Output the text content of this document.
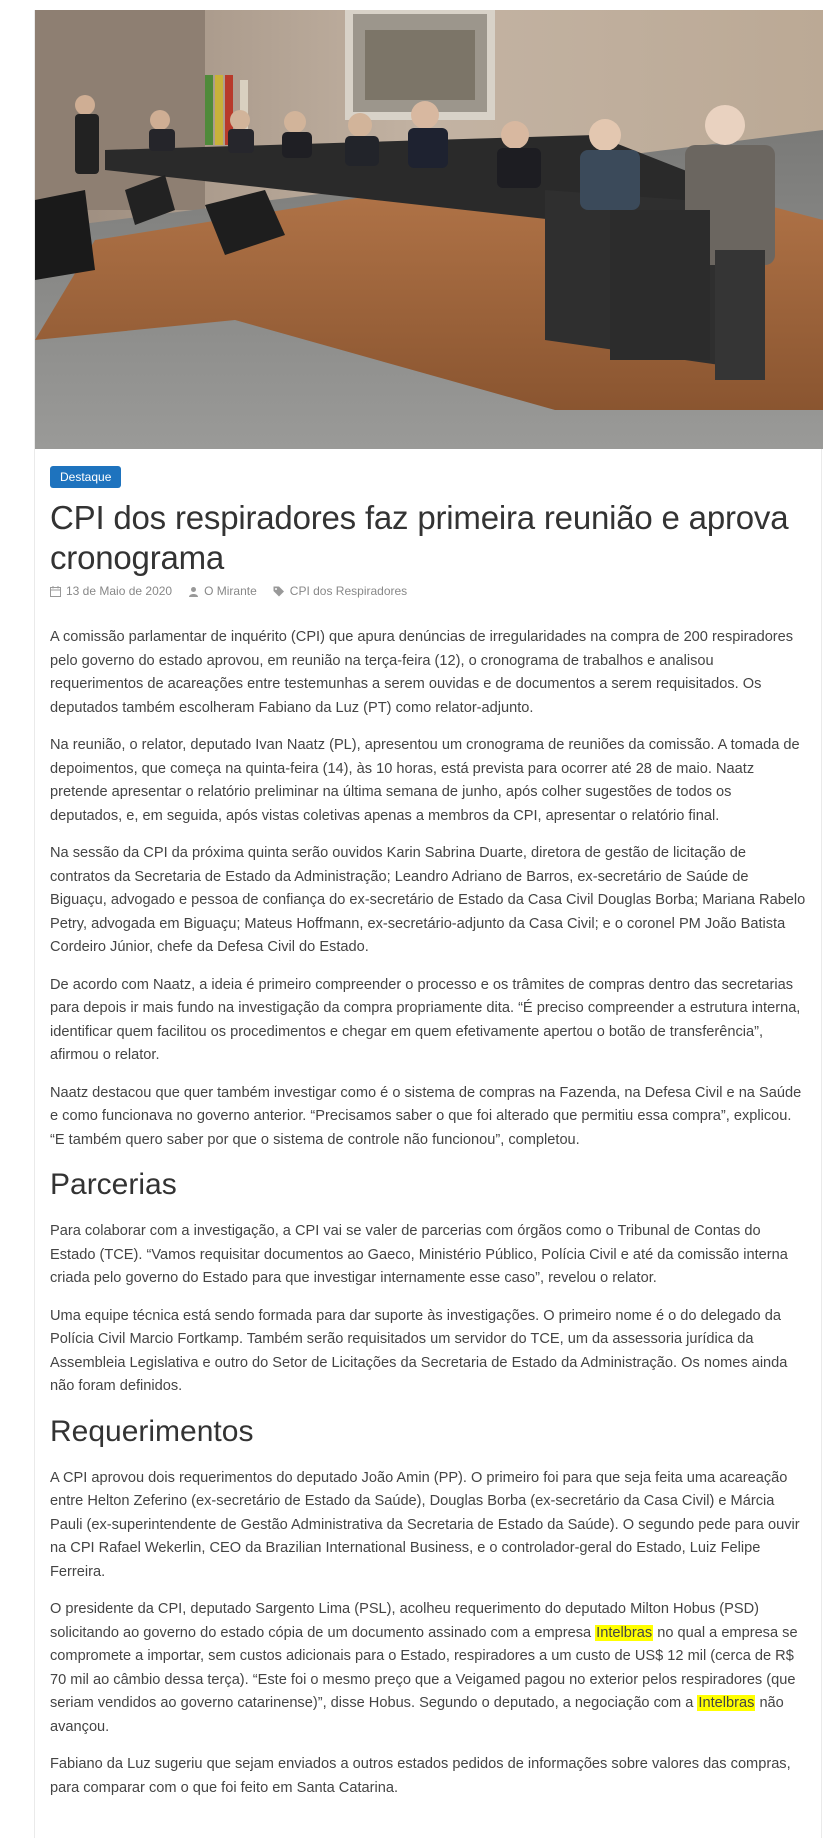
Destaque
CPI dos respiradores faz primeira reunião e aprova cronograma
13 de Maio de 2020	O Mirante	CPI dos Respiradores

A comissão parlamentar de inquérito (CPI) que apura denúncias de irregularidades na compra de 200 respiradores pelo governo do estado aprovou, em reunião na terça-feira (12), o cronograma de trabalhos e analisou requerimentos de acareações entre testemunhas a serem ouvidas e de documentos a serem requisitados. Os deputados também escolheram Fabiano da Luz (PT) como relator-adjunto.

Na reunião, o relator, deputado Ivan Naatz (PL), apresentou um cronograma de reuniões da comissão. A tomada de depoimentos, que começa na quinta-feira (14), às 10 horas, está prevista para ocorrer até 28 de maio. Naatz pretende apresentar o relatório preliminar na última semana de junho, após colher sugestões de todos os deputados, e, em seguida, após vistas coletivas apenas a membros da CPI, apresentar o relatório final.

Na sessão da CPI da próxima quinta serão ouvidos Karin Sabrina Duarte, diretora de gestão de licitação de contratos da Secretaria de Estado da Administração; Leandro Adriano de Barros, ex-secretário de Saúde de Biguaçu, advogado e pessoa de confiança do ex-secretário de Estado da Casa Civil Douglas Borba; Mariana Rabelo Petry, advogada em Biguaçu; Mateus Hoffmann, ex-secretário-adjunto da Casa Civil; e o coronel PM João Batista Cordeiro Júnior, chefe da Defesa Civil do Estado.

De acordo com Naatz, a ideia é primeiro compreender o processo e os trâmites de compras dentro das secretarias para depois ir mais fundo na investigação da compra propriamente dita. “É preciso compreender a estrutura interna, identificar quem facilitou os procedimentos e chegar em quem efetivamente apertou o botão de transferência”, afirmou o relator.

Naatz destacou que quer também investigar como é o sistema de compras na Fazenda, na Defesa Civil e na Saúde e como funcionava no governo anterior. “Precisamos saber o que foi alterado que permitiu essa compra”, explicou. “E também quero saber por que o sistema de controle não funcionou”, completou.

Parcerias

Para colaborar com a investigação, a CPI vai se valer de parcerias com órgãos como o Tribunal de Contas do Estado (TCE). “Vamos requisitar documentos ao Gaeco, Ministério Público, Polícia Civil e até da comissão interna criada pelo governo do Estado para que investigar internamente esse caso”, revelou o relator.

Uma equipe técnica está sendo formada para dar suporte às investigações. O primeiro nome é o do delegado da Polícia Civil Marcio Fortkamp. Também serão requisitados um servidor do TCE, um da assessoria jurídica da Assembleia Legislativa e outro do Setor de Licitações da Secretaria de Estado da Administração. Os nomes ainda não foram definidos.

Requerimentos

A CPI aprovou dois requerimentos do deputado João Amin (PP). O primeiro foi para que seja feita uma acareação entre Helton Zeferino (ex-secretário de Estado da Saúde), Douglas Borba (ex-secretário da Casa Civil) e Márcia Pauli (ex-superintendente de Gestão Administrativa da Secretaria de Estado da Saúde). O segundo pede para ouvir na CPI Rafael Wekerlin, CEO da Brazilian International Business, e o controlador-geral do Estado, Luiz Felipe Ferreira.

O presidente da CPI, deputado Sargento Lima (PSL), acolheu requerimento do deputado Milton Hobus (PSD) solicitando ao governo do estado cópia de um documento assinado com a empresa Intelbras no qual a empresa se compromete a importar, sem custos adicionais para o Estado, respiradores a um custo de US$ 12 mil (cerca de R$ 70 mil ao câmbio dessa terça). “Este foi o mesmo preço que a Veigamed pagou no exterior pelos respiradores (que seriam vendidos ao governo catarinense)”, disse Hobus. Segundo o deputado, a negociação com a Intelbras não avançou.

Fabiano da Luz sugeriu que sejam enviados a outros estados pedidos de informações sobre valores das compras, para comparar com o que foi feito em Santa Catarina.
